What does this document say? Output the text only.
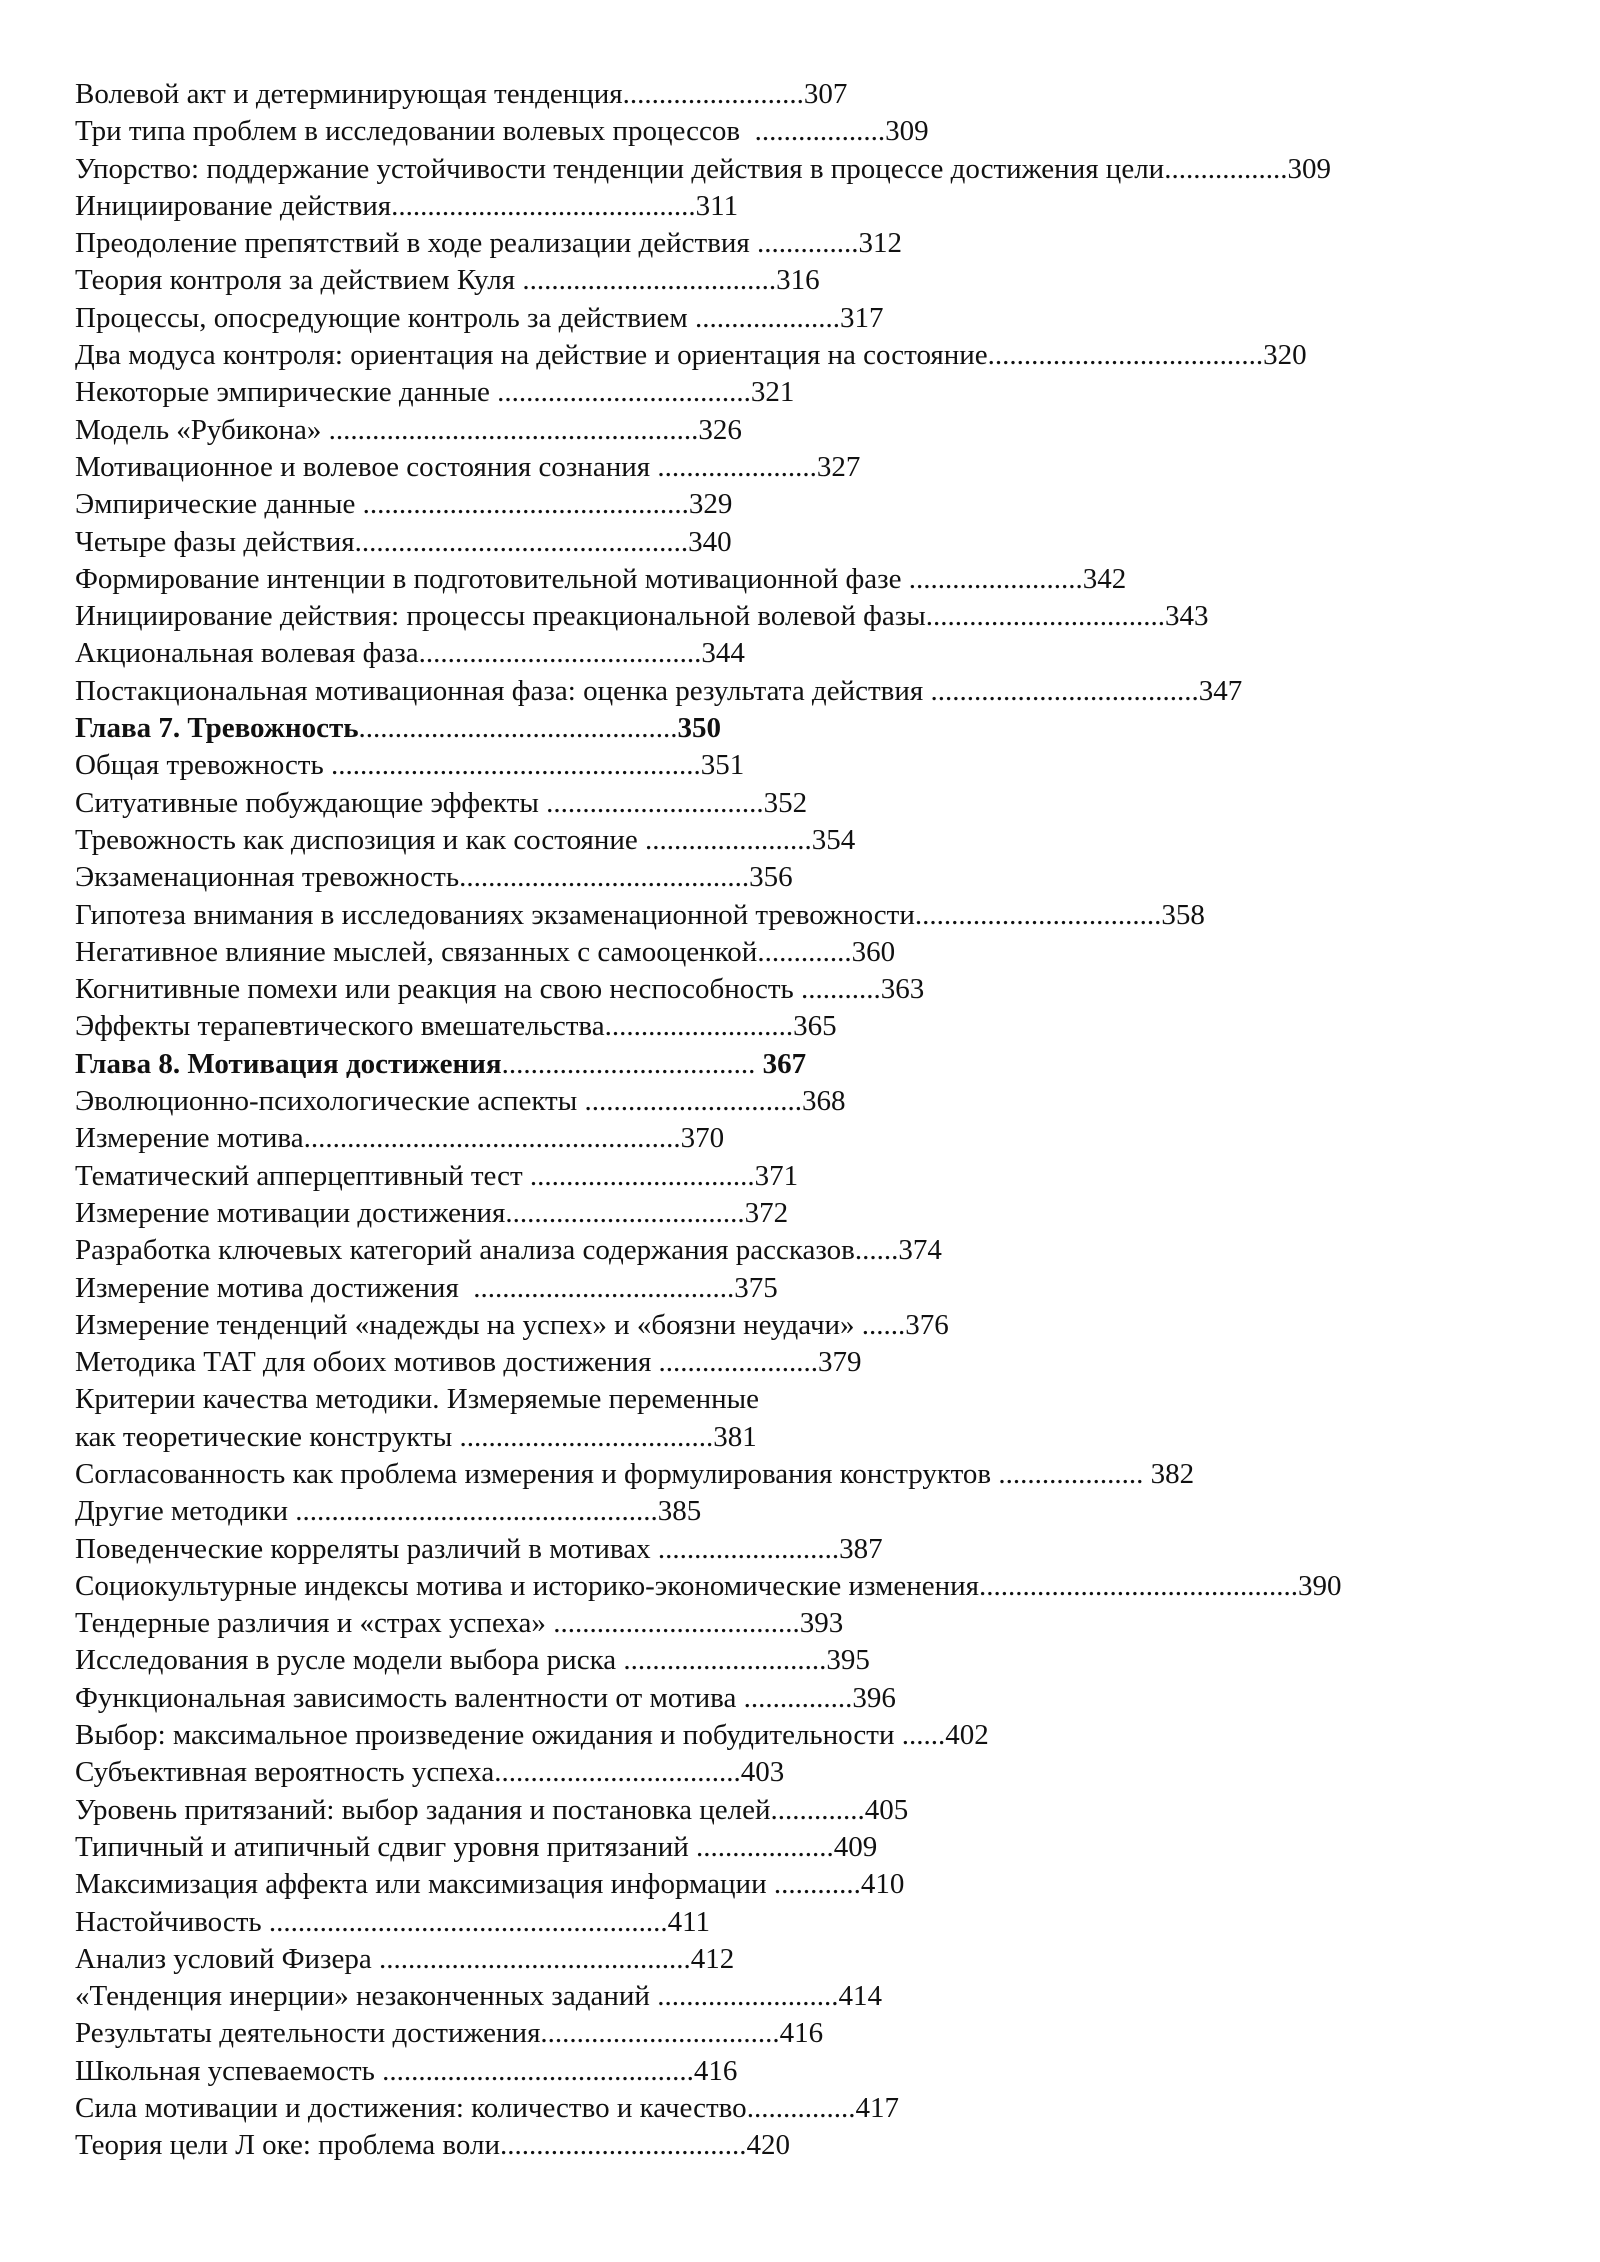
Волевой акт и детерминирующая тенденция.........................307
Три типа проблем в исследовании волевых процессов  ..................309
Упорство: поддержание устойчивости тенденции действия в процессе достижения цели.................309
Инициирование действия..........................................311
Преодоление препятствий в ходе реализации действия ..............312
Теория контроля за действием Куля ...................................316
Процессы, опосредующие контроль за действием ....................317
Два модуса контроля: ориентация на действие и ориентация на состояние......................................320
Некоторые эмпирические данные ...................................321
Модель «Рубикона» ...................................................326
Мотивационное и волевое состояния сознания ......................327
Эмпирические данные .............................................329
Четыре фазы действия..............................................340
Формирование интенции в подготовительной мотивационной фазе ........................342
Инициирование действия: процессы преакциональной волевой фазы.................................343
Акциональная волевая фаза.......................................344
Постакциональная мотивационная фаза: оценка результата действия .....................................347
Глава 7. Тревожность............................................350
Общая тревожность ...................................................351
Ситуативные побуждающие эффекты ..............................352
Тревожность как диспозиция и как состояние .......................354
Экзаменационная тревожность........................................356
Гипотеза внимания в исследованиях экзаменационной тревожности..................................358
Негативное влияние мыслей, связанных с самооценкой.............360
Когнитивные помехи или реакция на свою неспособность ...........363
Эффекты терапевтического вмешательства..........................365
Глава 8. Мотивация достижения................................... 367
Эволюционно-психологические аспекты ..............................368
Измерение мотива....................................................370
Тематический апперцептивный тест ...............................371
Измерение мотивации достижения.................................372
Разработка ключевых категорий анализа содержания рассказов......374
Измерение мотива достижения  ....................................375
Измерение тенденций «надежды на успех» и «боязни неудачи» ......376
Методика ТАТ для обоих мотивов достижения ......................379
Критерии качества методики. Измеряемые переменные
как теоретические конструкты ...................................381
Согласованность как проблема измерения и формулирования конструктов .................... 382
Другие методики ..................................................385
Поведенческие корреляты различий в мотивах .........................387
Социокультурные индексы мотива и историко-экономические изменения............................................390
Тендерные различия и «страх успеха» ..................................393
Исследования в русле модели выбора риска ............................395
Функциональная зависимость валентности от мотива ...............396
Выбор: максимальное произведение ожидания и побудительности ......402
Субъективная вероятность успеха..................................403
Уровень притязаний: выбор задания и постановка целей.............405
Типичный и атипичный сдвиг уровня притязаний ...................409
Максимизация аффекта или максимизация информации ............410
Настойчивость .......................................................411
Анализ условий Физера ...........................................412
«Тенденция инерции» незаконченных заданий .........................414
Результаты деятельности достижения.................................416
Школьная успеваемость ...........................................416
Сила мотивации и достижения: количество и качество...............417
Теория цели Л оке: проблема воли..................................420
